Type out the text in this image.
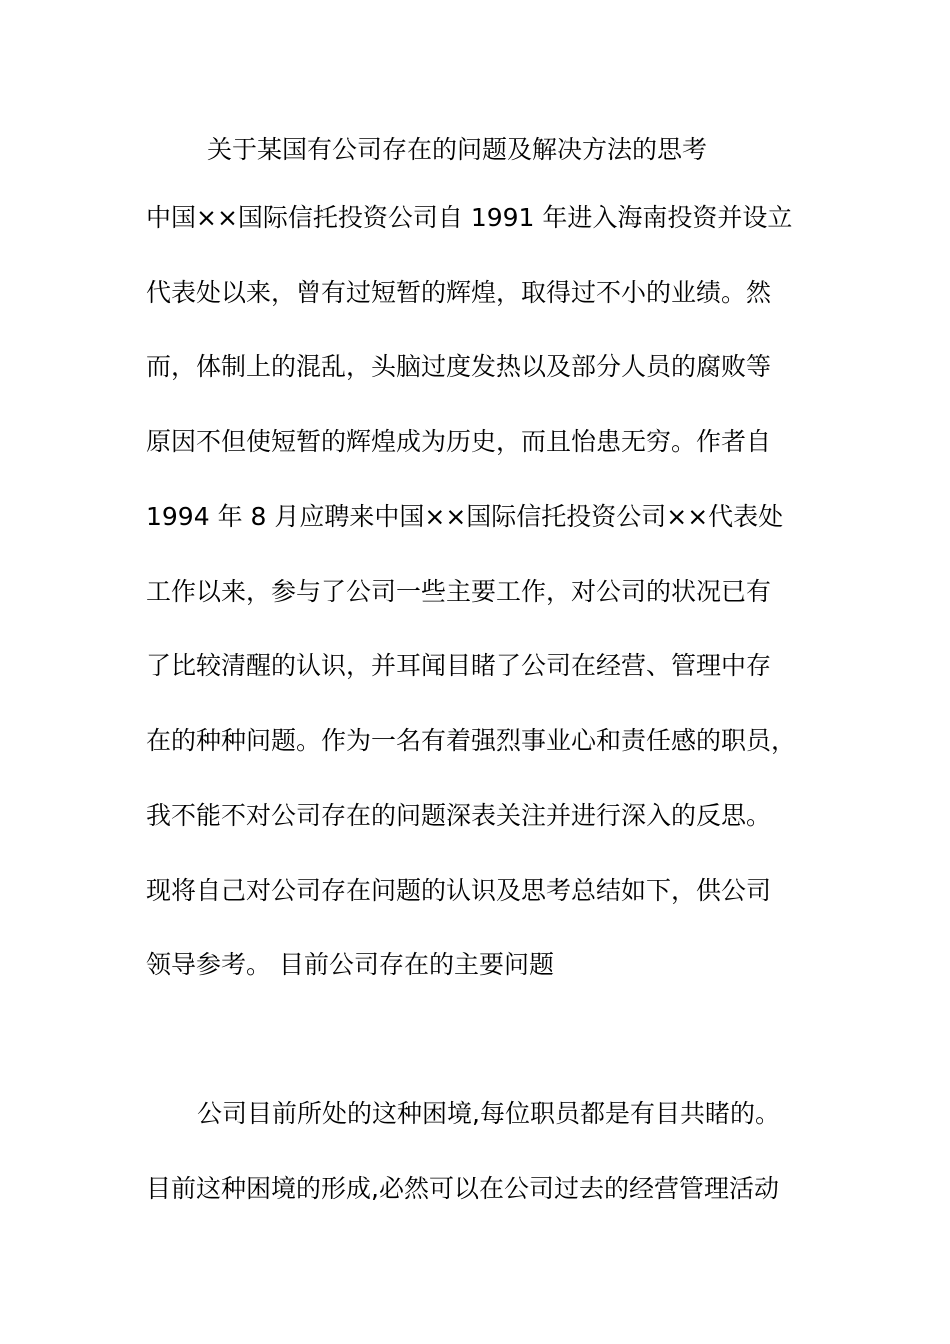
关于某国有公司存在的问题及解决方法的思考
中国××国际信托投资公司自 1991 年进入海南投资并设立
代表处以来，曾有过短暂的辉煌，取得过不小的业绩。然
而，体制上的混乱，头脑过度发热以及部分人员的腐败等
原因不但使短暂的辉煌成为历史，而且怡患无穷。作者自
1994 年 8 月应聘来中国××国际信托投资公司××代表处
工作以来，参与了公司一些主要工作，对公司的状况已有
了比较清醒的认识，并耳闻目睹了公司在经营、管理中存
在的种种问题。作为一名有着强烈事业心和责任感的职员，
我不能不对公司存在的问题深表关注并进行深入的反思。
现将自己对公司存在问题的认识及思考总结如下，供公司
领导参考。 目前公司存在的主要问题
公司目前所处的这种困境,每位职员都是有目共睹的。
目前这种困境的形成,必然可以在公司过去的经营管理活动
